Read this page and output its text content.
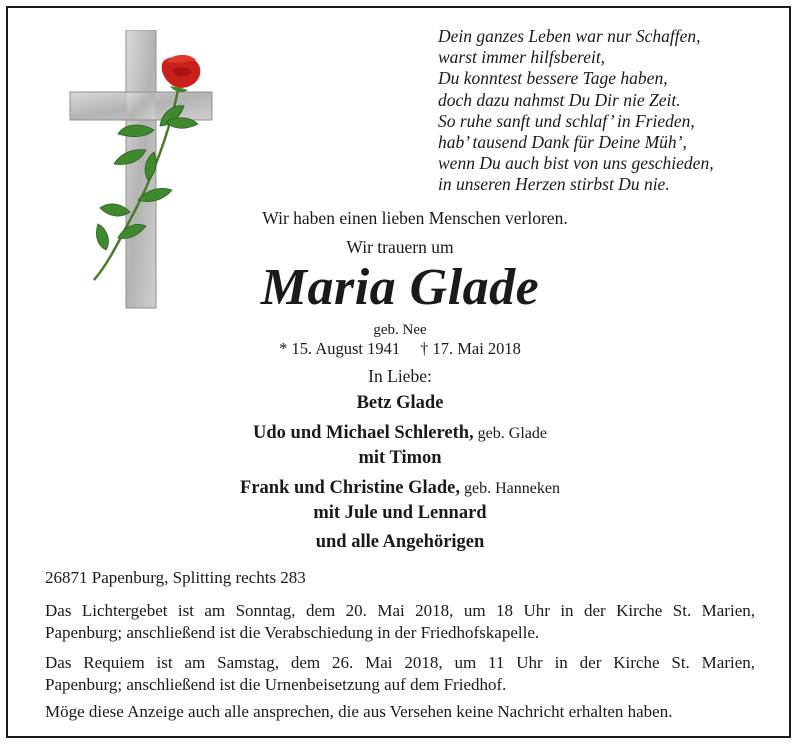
Dein ganzes Leben war nur Schaffen,
warst immer hilfsbereit,
Du konntest bessere Tage haben,
doch dazu nahmst Du Dir nie Zeit.
So ruhe sanft und schlaf’ in Frieden,
hab’ tausend Dank für Deine Müh’,
wenn Du auch bist von uns geschieden,
in unseren Herzen stirbst Du nie.
Wir haben einen lieben Menschen verloren.
Wir trauern um
Maria Glade
geb. Nee
* 15. August 1941 † 17. Mai 2018
In Liebe:
Betz Glade
Udo und Michael Schlereth, geb. Glade
mit Timon
Frank und Christine Glade, geb. Hanneken
mit Jule und Lennard
und alle Angehörigen
26871 Papenburg, Splitting rechts 283
Das Lichtergebet ist am Sonntag, dem 20. Mai 2018, um 18 Uhr in der Kirche St. Marien,
Papenburg; anschließend ist die Verabschiedung in der Friedhofskapelle.
Das Requiem ist am Samstag, dem 26. Mai 2018, um 11 Uhr in der Kirche St. Marien,
Papenburg; anschließend ist die Urnenbeisetzung auf dem Friedhof.
Möge diese Anzeige auch alle ansprechen, die aus Versehen keine Nachricht erhalten haben.
